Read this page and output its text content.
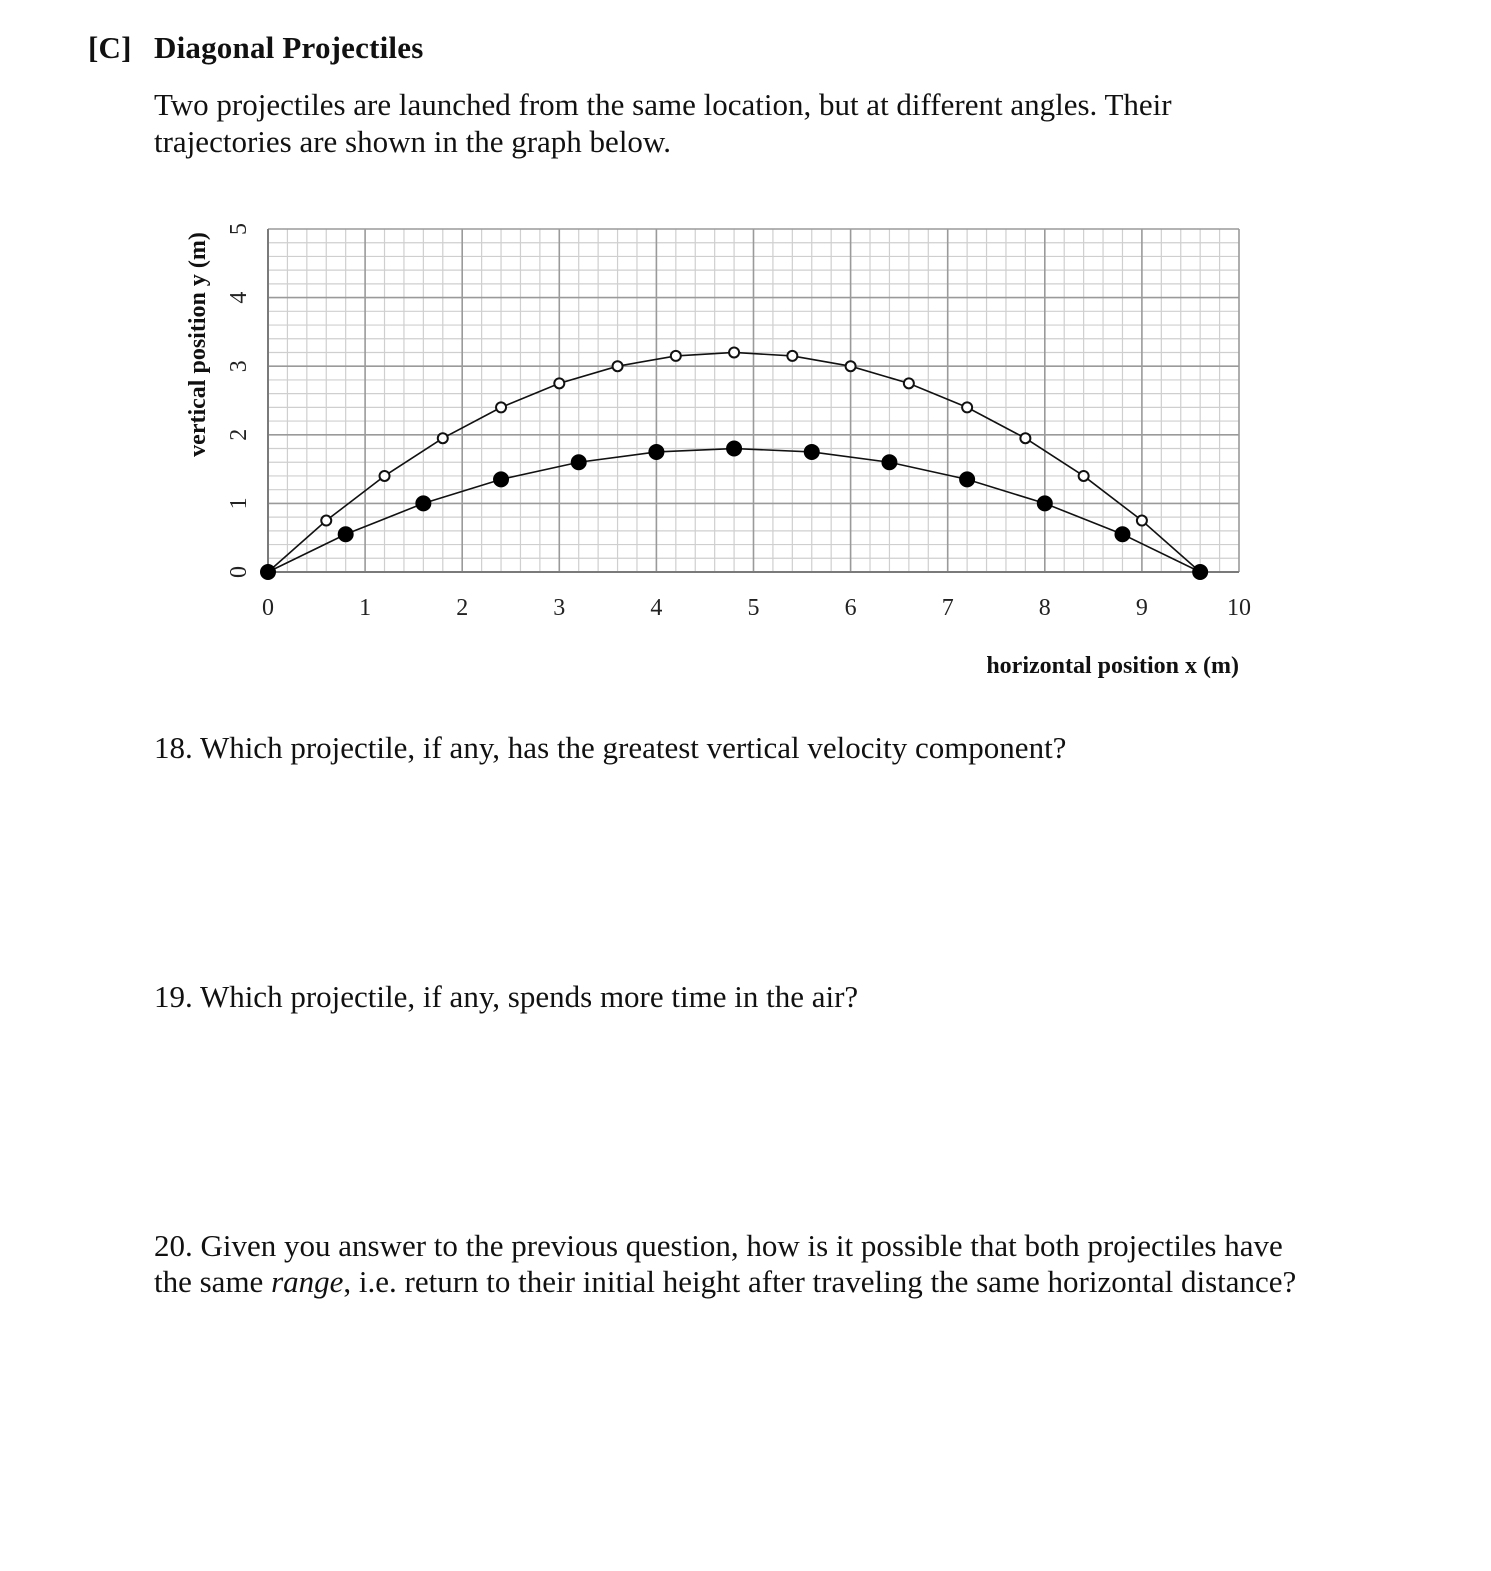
[C] Diagonal Projectiles

Two projectiles are launched from the same location, but at different angles. Their trajectories are shown in the graph below.

0	1	2	3	4	5	6	7	8	9	10
0
1
2
3
4
5
horizontal position x (m)
vertical position y (m)

18. Which projectile, if any, has the greatest vertical velocity component?

19. Which projectile, if any, spends more time in the air?

20. Given you answer to the previous question, how is it possible that both projectiles have the same range, i.e. return to their initial height after traveling the same horizontal distance?
